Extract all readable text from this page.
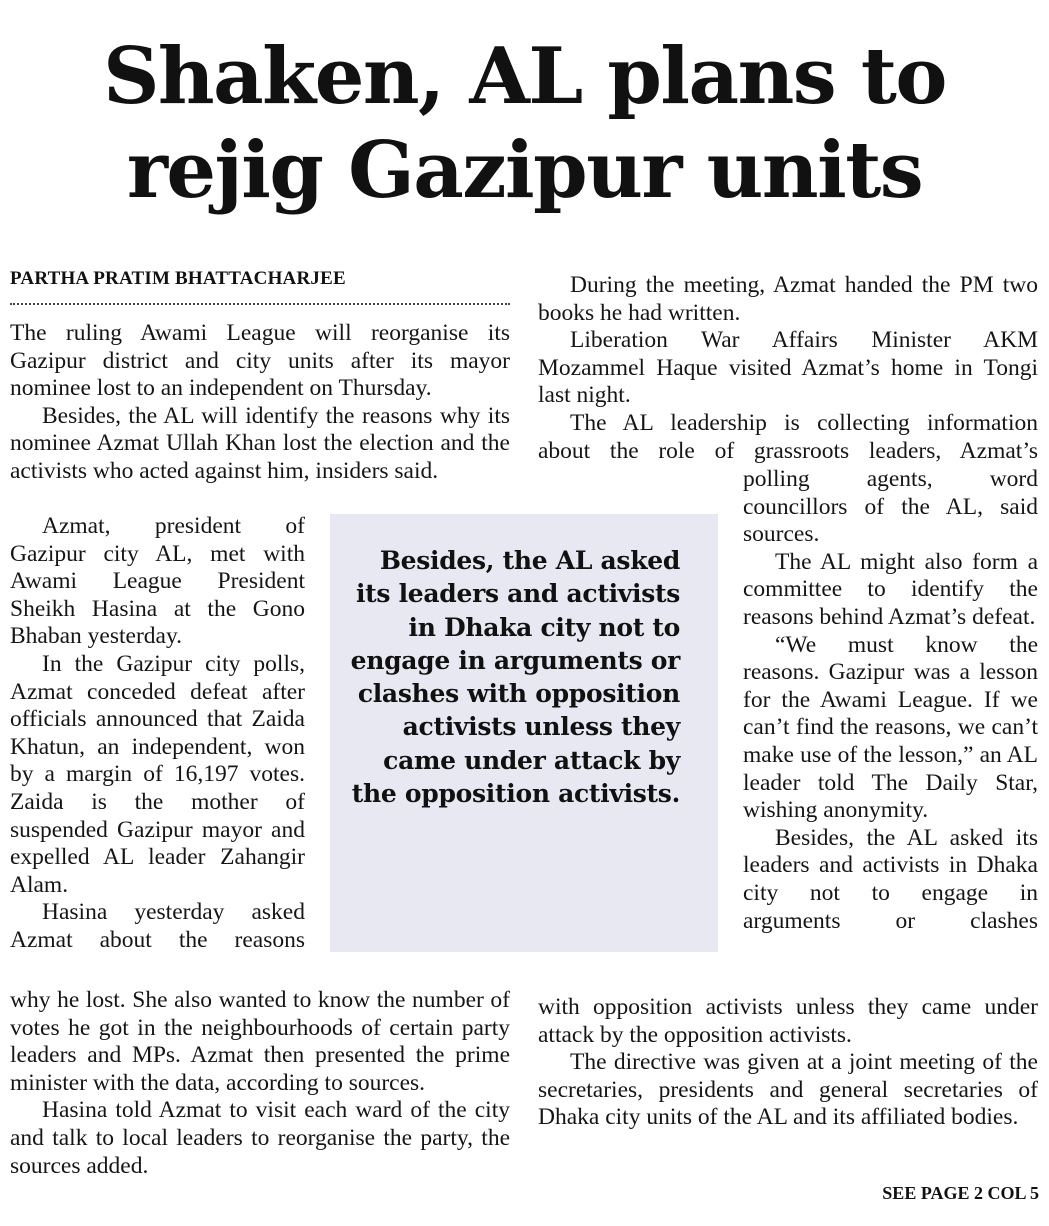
Shaken, AL plans to
rejig Gazipur units
PARTHA PRATIM BHATTACHARJEE

The ruling Awami League will reorganise its Gazipur district and city units after its mayor nominee lost to an independent on Thursday.

Besides, the AL will identify the reasons why its nominee Azmat Ullah Khan lost the election and the activists who acted against him, insiders said.

Azmat, president of Gazipur city AL, met with Awami League President Sheikh Hasina at the Gono Bhaban yesterday.

In the Gazipur city polls, Azmat conceded defeat after officials announced that Zaida Khatun, an independent, won by a margin of 16,197 votes. Zaida is the mother of suspended Gazipur mayor and expelled AL leader Zahangir Alam.

Hasina yesterday asked Azmat about the reasons

why he lost. She also wanted to know the number of votes he got in the neighbourhoods of certain party leaders and MPs. Azmat then presented the prime minister with the data, according to sources.

Hasina told Azmat to visit each ward of the city and talk to local leaders to reorganise the party, the sources added.

During the meeting, Azmat handed the PM two books he had written.

Liberation War Affairs Minister AKM Mozammel Haque visited Azmat’s home in Tongi last night.

The AL leadership is collecting information about the role of grassroots leaders, Azmat’s

polling agents, word councillors of the AL, said sources.

The AL might also form a committee to identify the reasons behind Azmat’s defeat.

“We must know the reasons. Gazipur was a lesson for the Awami League. If we can’t find the reasons, we can’t make use of the lesson,” an AL leader told The Daily Star, wishing anonymity.

Besides, the AL asked its leaders and activists in Dhaka city not to engage in arguments or clashes

with opposition activists unless they came under attack by the opposition activists.

The directive was given at a joint meeting of the secretaries, presidents and general secretaries of Dhaka city units of the AL and its affiliated bodies.

Besides, the AL asked its leaders and activists in Dhaka city not to engage in arguments or clashes with opposition activists unless they came under attack by the opposition activists.
SEE PAGE 2 COL 5
